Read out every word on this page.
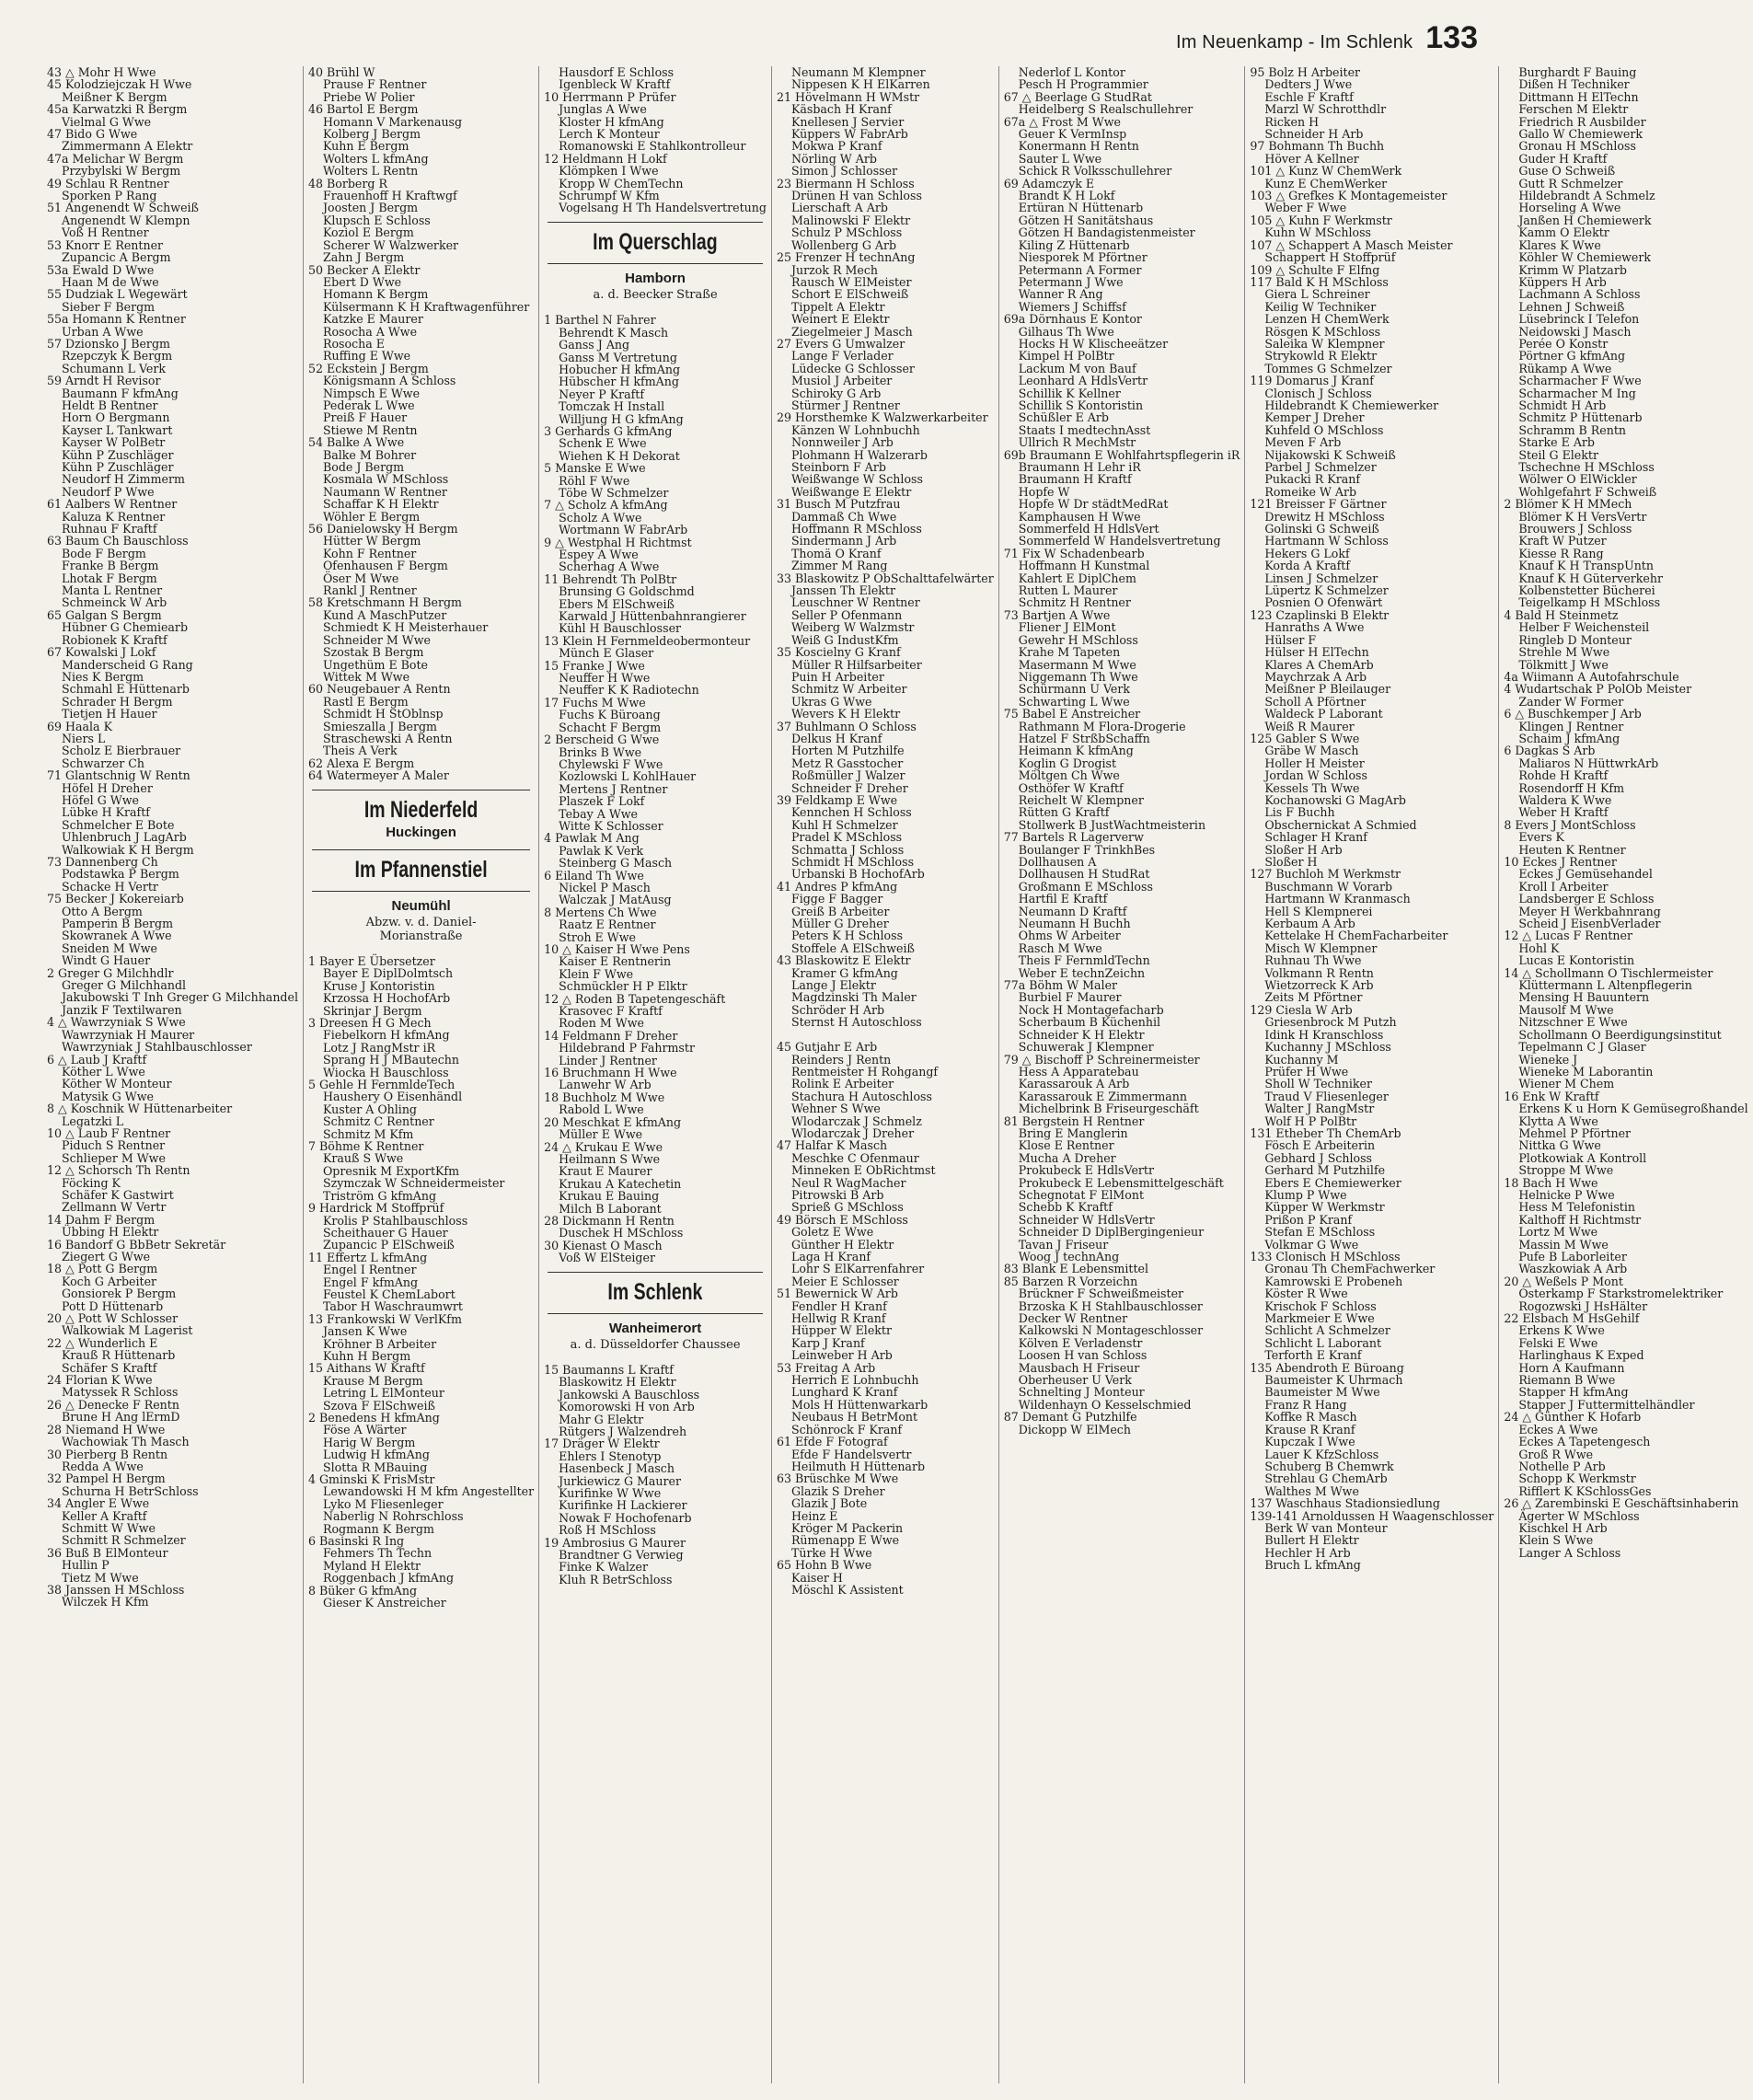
Im Neuenkamp - Im Schlenk 133
43 △ Mohr H Wwe
45 Kolodziejczak H Wwe
Meißner K Bergm
45a Karwatzki R Bergm
Vielmal G Wwe
47 Bido G Wwe
Zimmermann A Elektr
47a Melichar W Bergm
Przybylski W Bergm
49 Schlau R Rentner
Sporken P Rang
51 Angenendt W Schweiß
Angenendt W Klempn
Voß H Rentner
53 Knorr E Rentner
Zupancic A Bergm
53a Ewald D Wwe
Haan M de Wwe
55 Dudziak L Wegewärt
Sieber F Bergm
55a Homann K Rentner
Urban A Wwe
57 Dzionsko J Bergm
Rzepczyk K Bergm
Schumann L Verk
59 Arndt H Revisor
Baumann F kfmAng
Heldt B Rentner
Horn O Bergmann
Kayser L Tankwart
Kayser W PolBetr
Kühn P Zuschläger
Kühn P Zuschläger
Neudorf H Zimmerm
Neudorf P Wwe
61 Aalbers W Rentner
Kaluza K Rentner
Ruhnau F Kraftf
63 Baum Ch Bauschloss
Bode F Bergm
Franke B Bergm
Lhotak F Bergm
Manta L Rentner
Schmeinck W Arb
65 Galgan S Bergm
Hübner G Chemiearb
Robionek K Kraftf
67 Kowalski J Lokf
Manderscheid G Rang
Nies K Bergm
Schmahl E Hüttenarb
Schrader H Bergm
Tietjen H Hauer
69 Haala K
Niers L
Scholz E Bierbrauer
Schwarzer Ch
71 Glantschnig W Rentn
Höfel H Dreher
Höfel G Wwe
Lübke H Kraftf
Schmelcher E Bote
Uhlenbruch J LagArb
Walkowiak K H Bergm
73 Dannenberg Ch
Podstawka P Bergm
Schacke H Vertr
75 Becker J Kokereiarb
Otto A Bergm
Pamperin B Bergm
Skowranek A Wwe
Sneiden M Wwe
Windt G Hauer
2 Greger G Milchhdlr
Greger G Milchhandl
Jakubowski T Inh Greger G Milchhandel
Janzik F Textilwaren
4 △ Wawrzyniak S Wwe
Wawrzyniak H Maurer
Wawrzyniak J Stahlbauschlosser
6 △ Laub J Kraftf
Köther L Wwe
Köther W Monteur
Matysik G Wwe
8 △ Koschnik W Hüttenarbeiter
Legatzki L
10 △ Laub F Rentner
Piduch S Rentner
Schlieper M Wwe
12 △ Schorsch Th Rentn
Föcking K
Schäfer K Gastwirt
Zellmann W Vertr
14 Dahm F Bergm
Übbing H Elektr
16 Bandorf G BbBetr Sekretär
Ziegert G Wwe
18 △ Pott G Bergm
Koch G Arbeiter
Gonsiorek P Bergm
Pott D Hüttenarb
20 △ Pott W Schlosser
Walkowiak M Lagerist
22 △ Wunderlich E
Krauß R Hüttenarb
Schäfer S Kraftf
24 Florian K Wwe
Matyssek R Schloss
26 △ Denecke F Rentn
Brune H Ang lErmD
28 Niemand H Wwe
Wachowiak Th Masch
30 Pierberg B Rentn
Redda A Wwe
32 Pampel H Bergm
Schurna H BetrSchloss
34 Angler E Wwe
Keller A Kraftf
Schmitt W Wwe
Schmitt R Schmelzer
36 Buß B ElMonteur
Hullin P
Tietz M Wwe
38 Janssen H MSchloss
Wilczek H Kfm
40 Brühl W
Prause F Rentner
Priebe W Polier
46 Bartol E Bergm
Homann V Markenausg
Kolberg J Bergm
Kuhn E Bergm
Wolters L kfmAng
Wolters L Rentn
48 Borberg R
Frauenhoff H Kraftwgf
Joosten J Bergm
Klupsch E Schloss
Koziol E Bergm
Scherer W Walzwerker
Zahn J Bergm
50 Becker A Elektr
Ebert D Wwe
Homann K Bergm
Külsermann K H Kraftwagenführer
Katzke E Maurer
Rosocha A Wwe
Rosocha E
Ruffing E Wwe
52 Eckstein J Bergm
Königsmann A Schloss
Nimpsch E Wwe
Pederak L Wwe
Preiß F Hauer
Stiewe M Rentn
54 Balke A Wwe
Balke M Bohrer
Bode J Bergm
Kosmala W MSchloss
Naumann W Rentner
Schaffar K H Elektr
Wöhler E Bergm
56 Danielowsky H Bergm
Hütter W Bergm
Kohn F Rentner
Ofenhausen F Bergm
Öser M Wwe
Rankl J Rentner
58 Kretschmann H Bergm
Kund A MaschPutzer
Schmiedt K H Meisterhauer
Schneider M Wwe
Szostak B Bergm
Ungethüm E Bote
Wittek M Wwe
60 Neugebauer A Rentn
Rastl E Bergm
Schmidt H StOblnsp
Smieszalla J Bergm
Straschewski A Rentn
Theis A Verk
62 Alexa E Bergm
64 Watermeyer A Maler
Im Niederfeld
Huckingen
Im Pfannenstiel
Neumühl
Abzw. v. d. Daniel-
Morianstraße

1 Bayer E Übersetzer
Bayer E DiplDolmtsch
Kruse J Kontoristin
Krzossa H HochofArb
Skrinjar J Bergm
3 Dreesen H G Mech
Fiebelkorn H kfmAng
Lotz J RangMstr iR
Sprang H J MBautechn
Wiocka H Bauschloss
5 Gehle H FernmldeTech
Haushery O Eisenhändl
Kuster A Ohling
Schmitz C Rentner
Schmitz M Kfm
7 Böhme K Rentner
Krauß S Wwe
Opresnik M ExportKfm
Szymczak W Schneidermeister
Triström G kfmAng
9 Hardrick M Stoffprüf
Krolis P Stahlbauschloss
Scheithauer G Hauer
Zupancic P ElSchweiß
11 Effertz L kfmAng
Engel I Rentner
Engel F kfmAng
Feustel K ChemLabort
Tabor H Waschraumwrt
13 Frankowski W VerlKfm
Jansen K Wwe
Kröhner B Arbeiter
Kuhn H Bergm
15 Aithans W Kraftf
Krause M Bergm
Letring L ElMonteur
Szova F ElSchweiß
2 Benedens H kfmAng
Föse A Wärter
Harig W Bergm
Ludwig H kfmAng
Slotta R MBauing
4 Gminski K FrisMstr
Lewandowski H M kfm Angestellter
Lyko M Fliesenleger
Naberlig N Rohrschloss
Rogmann K Bergm
6 Basinski R Ing
Fehmers Th Techn
Myland H Elektr
Roggenbach J kfmAng
8 Büker G kfmAng
Gieser K Anstreicher
Hausdorf E Schloss
Igenbleck W Kraftf
10 Herrmann P Prüfer
Junglas A Wwe
Kloster H kfmAng
Lerch K Monteur
Romanowski E Stahlkontrolleur
12 Heldmann H Lokf
Klömpken I Wwe
Kropp W ChemTechn
Schrumpf W Kfm
Vogelsang H Th Handelsvertretung
Im Querschlag
Hamborn
a. d. Beecker Straße

1 Barthel N Fahrer
Behrendt K Masch
Ganss J Ang
Ganss M Vertretung
Hobucher H kfmAng
Hübscher H kfmAng
Neyer P Kraftf
Tomczak H Install
Willjung H G kfmAng
3 Gerhards G kfmAng
Schenk E Wwe
Wiehen K H Dekorat
5 Manske E Wwe
Röhl F Wwe
Töbe W Schmelzer
7 △ Scholz A kfmAng
Scholz A Wwe
Wortmann W FabrArb
9 △ Westphal H Richtmst
Espey A Wwe
Scherhag A Wwe
11 Behrendt Th PolBtr
Brunsing G Goldschmd
Ebers M ElSchweiß
Karwald J Hüttenbahnrangierer
Kühl H Bauschlosser
13 Klein H Fernmeldeobermonteur
Münch E Glaser
15 Franke J Wwe
Neuffer H Wwe
Neuffer K K Radiotechn
17 Fuchs M Wwe
Fuchs K Büroang
Schacht F Bergm
2 Berscheid G Wwe
Brinks B Wwe
Chylewski F Wwe
Kozlowski L KohlHauer
Mertens J Rentner
Plaszek F Lokf
Tebay A Wwe
Witte K Schlosser
4 Pawlak M Ang
Pawlak K Verk
Steinberg G Masch
6 Eiland Th Wwe
Nickel P Masch
Walczak J MatAusg
8 Mertens Ch Wwe
Raatz E Rentner
Stroh E Wwe
10 △ Kaiser H Wwe Pens
Kaiser E Rentnerin
Klein F Wwe
Schmückler H P Elktr
12 △ Roden B Tapetengeschäft
Krasovec F Kraftf
Roden M Wwe
14 Feldmann F Dreher
Hildebrand P Fahrmstr
Linder J Rentner
16 Bruchmann H Wwe
Lanwehr W Arb
18 Buchholz M Wwe
Rabold L Wwe
20 Meschkat E kfmAng
Müller E Wwe
24 △ Krukau E Wwe
Heilmann S Wwe
Kraut E Maurer
Krukau A Katechetin
Krukau E Bauing
Milch B Laborant
28 Dickmann H Rentn
Duschek H MSchloss
30 Kienast O Masch
Voß W ElSteiger
Im Schlenk
Wanheimerort
a. d. Düsseldorfer Chaussee

15 Baumanns L Kraftf
Blaskowitz H Elektr
Jankowski A Bauschloss
Komorowski H von Arb
Mahr G Elektr
Rütgers J Walzendreh
17 Dräger W Elektr
Ehlers I Stenotyp
Hasenbeck J Masch
Jurkiewicz G Maurer
Kurifinke W Wwe
Kurifinke H Lackierer
Nowak F Hochofenarb
Roß H MSchloss
19 Ambrosius G Maurer
Brandtner G Verwieg
Finke K Walzer
Kluh R BetrSchloss
Neumann M Klempner
Nippesen K H ElKarren
21 Hövelmann H WMstr
Käsbach H Kranf
Knellesen J Servier
Küppers W FabrArb
Mokwa P Kranf
Nörling W Arb
Simon J Schlosser
23 Biermann H Schloss
Drünen H van Schloss
Lierschaft A Arb
Malinowski F Elektr
Schulz P MSchloss
Wollenberg G Arb
25 Frenzer H technAng
Jurzok R Mech
Rausch W ElMeister
Schort E ElSchweiß
Tippelt A Elektr
Weinert E Elektr
Ziegelmeier J Masch
27 Evers G Umwalzer
Lange F Verlader
Lüdecke G Schlosser
Musiol J Arbeiter
Schiroky G Arb
Stürmer J Rentner
29 Horsthemke K Walzwerkarbeiter
Känzen W Lohnbuchh
Nonnweiler J Arb
Plohmann H Walzerarb
Steinborn F Arb
Weißwange W Schloss
Weißwange E Elektr
31 Busch M Putzfrau
Dammaß Ch Wwe
Hoffmann R MSchloss
Sindermann J Arb
Thomä O Kranf
Zimmer M Rang
33 Blaskowitz P ObSchalttafelwärter
Janssen Th Elektr
Leuschner W Rentner
Seller P Ofenmann
Weiberg W Walzmstr
Weiß G IndustKfm
35 Koscielny G Kranf
Müller R Hilfsarbeiter
Puin H Arbeiter
Schmitz W Arbeiter
Ukras G Wwe
Wevers K H Elektr
37 Buhlmann O Schloss
Delkus H Kranf
Horten M Putzhilfe
Metz R Gasstocher
Roßmüller J Walzer
Schneider F Dreher
39 Feldkamp E Wwe
Kennchen H Schloss
Kuhl H Schmelzer
Pradel K MSchloss
Schmatta J Schloss
Schmidt H MSchloss
Urbanski B HochofArb
41 Andres P kfmAng
Figge F Bagger
Greiß B Arbeiter
Müller G Dreher
Peters K H Schloss
Stoffele A ElSchweiß
43 Blaskowitz E Elektr
Kramer G kfmAng
Lange J Elektr
Magdzinski Th Maler
Schröder H Arb
Sternst H Autoschloss

45 Gutjahr E Arb
Reinders J Rentn
Rentmeister H Rohgangf
Rolink E Arbeiter
Stachura H Autoschloss
Wehner S Wwe
Wlodarczak J Schmelz
Wlodarczak J Dreher
47 Halfar K Masch
Meschke C Ofenmaur
Minneken E ObRichtmst
Neul R WagMacher
Pitrowski B Arb
Sprieß G MSchloss
49 Börsch E MSchloss
Goletz E Wwe
Günther H Elektr
Laga H Kranf
Lohr S ElKarrenfahrer
Meier E Schlosser
51 Bewernick W Arb
Fendler H Kranf
Hellwig R Kranf
Hüpper W Elektr
Karp J Kranf
Leinweber H Arb
53 Freitag A Arb
Herrich E Lohnbuchh
Lunghard K Kranf
Mols H Hüttenwarkarb
Neubaus H BetrMont
Schönrock F Kranf
61 Efde F Fotograf
Efde F Handelsvertr
Heilmuth H Hüttenarb
63 Brüschke M Wwe
Glazik S Dreher
Glazik J Bote
Heinz E
Kröger M Packerin
Rümenapp E Wwe
Türke H Wwe
65 Hohn B Wwe
Kaiser H
Möschl K Assistent
Nederlof L Kontor
Pesch H Programmier
67 △ Beerlage G StudRat
Heidelberg S Realschullehrer
67a △ Frost M Wwe
Geuer K VermInsp
Konermann H Rentn
Sauter L Wwe
Schick R Volksschullehrer
69 Adamczyk E
Brandt K H Lokf
Ertüran N Hüttenarb
Götzen H Sanitätshaus
Götzen H Bandagistenmeister
Kiling Z Hüttenarb
Niesporek M Pförtner
Petermann A Former
Petermann J Wwe
Wanner R Ang
Wiemers J Schiffsf
69a Dörnhaus E Kontor
Gilhaus Th Wwe
Hocks H W Klischeeätzer
Kimpel H PolBtr
Lackum M von Bauf
Leonhard A HdlsVertr
Schillik K Kellner
Schillik S Kontoristin
Schüßler E Arb
Staats I medtechnAsst
Ullrich R MechMstr
69b Braumann E Wohlfahrtspflegerin iR
Braumann H Lehr iR
Braumann H Kraftf
Hopfe W
Hopfe W Dr städtMedRat
Kamphausen H Wwe
Sommerfeld H HdlsVert
Sommerfeld W Handelsvertretung
71 Fix W Schadenbearb
Hoffmann H Kunstmal
Kahlert E DiplChem
Rutten L Maurer
Schmitz H Rentner
73 Bartjen A Wwe
Fliener J ElMont
Gewehr H MSchloss
Krahe M Tapeten
Masermann M Wwe
Niggemann Th Wwe
Schürmann U Verk
Schwarting L Wwe
75 Babel E Anstreicher
Rathmann M Flora-Drogerie
Hatzel F StrßbSchaffn
Heimann K kfmAng
Koglin G Drogist
Möltgen Ch Wwe
Osthöfer W Kraftf
Reichelt W Klempner
Rütten G Kraftf
Stollwerk B JustWachtmeisterin
77 Bartels R Lagerverw
Boulanger F TrinkhBes
Dollhausen A
Dollhausen H StudRat
Großmann E MSchloss
Hartfil E Kraftf
Neumann D Kraftf
Neumann H Buchh
Ohms W Arbeiter
Rasch M Wwe
Theis F FernmldTechn
Weber E technZeichn
77a Böhm W Maler
Burbiel F Maurer
Nock H Montagefacharb
Scherbaum B Küchenhil
Schneider K H Elektr
Schuwerak J Klempner
79 △ Bischoff P Schreinermeister
Hess A Apparatebau
Karassarouk A Arb
Karassarouk E Zimmermann
Michelbrink B Friseurgeschäft
81 Bergstein H Rentner
Bring E Manglerin
Klose E Rentner
Mucha A Dreher
Prokubeck E HdlsVertr
Prokubeck E Lebensmittelgeschäft
Schegnotat F ElMont
Schebb K Kraftf
Schneider W HdlsVertr
Schneider D DiplBergingenieur
Tavan J Friseur
Woog J technAng
83 Blank E Lebensmittel
85 Barzen R Vorzeichn
Brückner F Schweißmeister
Brzoska K H Stahlbauschlosser
Decker W Rentner
Kalkowski N Montageschlosser
Kölven E Verladenstr
Loosen H van Schloss
Mausbach H Friseur
Oberheuser U Verk
Schnelting J Monteur
Wildenhayn O Kesselschmied
87 Demant G Putzhilfe
Dickopp W ElMech
95 Bolz H Arbeiter
Dedters J Wwe
Eschle F Kraftf
Marzl W Schrotthdlr
Ricken H
Schneider H Arb
97 Bohmann Th Buchh
Höver A Kellner
101 △ Kunz W ChemWerk
Kunz E ChemWerker
103 △ Grefkes K Montagemeister
Weber F Wwe
105 △ Kuhn F Werkmstr
Kuhn W MSchloss
107 △ Schappert A Masch Meister
Schappert H Stoffprüf
109 △ Schulte F Elfng
117 Bald K H MSchloss
Giera L Schreiner
Keilig W Techniker
Lenzen H ChemWerk
Rösgen K MSchloss
Saleika W Klempner
Strykowld R Elektr
Tommes G Schmelzer
119 Domarus J Kranf
Clonisch J Schloss
Hildebrandt K Chemiewerker
Kemper J Dreher
Kuhfeld O MSchloss
Meven F Arb
Nijakowski K Schweiß
Parbel J Schmelzer
Pukacki R Kranf
Romeike W Arb
121 Breisser F Gärtner
Drewitz H MSchloss
Golinski G Schweiß
Hartmann W Schloss
Hekers G Lokf
Korda A Kraftf
Linsen J Schmelzer
Lüpertz K Schmelzer
Posnien O Ofenwärt
123 Czaplinski B Elektr
Hanraths A Wwe
Hülser F
Hülser H ElTechn
Klares A ChemArb
Maychrzak A Arb
Meißner P Bleilauger
Scholl A Pförtner
Waldeck P Laborant
Weiß R Maurer
125 Gabler S Wwe
Gräbe W Masch
Holler H Meister
Jordan W Schloss
Kessels Th Wwe
Kochanowski G MagArb
Lis F Buchh
Obschernickat A Schmied
Schlager H Kranf
Sloßer H Arb
Sloßer H
127 Buchloh M Werkmstr
Buschmann W Vorarb
Hartmann W Kranmasch
Hell S Klempnerei
Kerbaum A Arb
Kettelake H ChemFacharbeiter
Misch W Klempner
Ruhnau Th Wwe
Volkmann R Rentn
Wietzorreck K Arb
Zeits M Pförtner
129 Ciesla W Arb
Griesenbrock M Putzh
Idink H Kranschloss
Kuchanny J MSchloss
Kuchanny M
Prüfer H Wwe
Sholl W Techniker
Traud V Fliesenleger
Walter J RangMstr
Wolf H P PolBtr
131 Etheber Th ChemArb
Fösch E Arbeiterin
Gebhard J Schloss
Gerhard M Putzhilfe
Ebers E Chemiewerker
Klump P Wwe
Küpper W Werkmstr
Prißon P Kranf
Stefan E MSchloss
Volkmar G Wwe
133 Clonisch H MSchloss
Gronau Th ChemFachwerker
Kamrowski E Probeneh
Köster R Wwe
Krischok F Schloss
Markmeier E Wwe
Schlicht A Schmelzer
Schlicht L Laborant
Terforth E Kranf
135 Abendroth E Büroang
Baumeister K Uhrmach
Baumeister M Wwe
Franz R Hang
Koffke R Masch
Krause R Kranf
Kupczak I Wwe
Lauer K KfzSchloss
Schuberg B Chemwrk
Strehlau G ChemArb
Walthes M Wwe
137 Waschhaus Stadionsiedlung
139-141 Arnoldussen H Waagenschlosser
Berk W van Monteur
Bullert H Elektr
Hechler H Arb
Bruch L kfmAng
Burghardt F Bauing
Dißen H Techniker
Dittmann H ElTechn
Ferschen M Elektr
Friedrich R Ausbilder
Gallo W Chemiewerk
Gronau H MSchloss
Guder H Kraftf
Guse O Schweiß
Gutt R Schmelzer
Hildebrandt A Schmelz
Horseling A Wwe
Janßen H Chemiewerk
Kamm O Elektr
Klares K Wwe
Köhler W Chemiewerk
Krimm W Platzarb
Küppers H Arb
Lachmann A Schloss
Lehnen J Schweiß
Lüsebrinck I Telefon
Neidowski J Masch
Perée O Konstr
Pörtner G kfmAng
Rükamp A Wwe
Scharmacher F Wwe
Scharmacher M Ing
Schmidt H Arb
Schmitz P Hüttenarb
Schramm B Rentn
Starke E Arb
Steil G Elektr
Tschechne H MSchloss
Wölwer O ElWickler
Wohlgefahrt F Schweiß
2 Blömer K H MMech
Blömer K H VersVertr
Brouwers J Schloss
Kraft W Putzer
Kiesse R Rang
Knauf K H TranspUntn
Knauf K H Güterverkehr
Kolbenstetter Bücherei
Teigelkamp H MSchloss
4 Bald H Steinmetz
Helber F Weichensteil
Ringleb D Monteur
Strehle M Wwe
Tölkmitt J Wwe
4a Wiimann A Autofahrschule
4 Wudartschak P PolOb Meister
Zander W Former
6 △ Buschkemper J Arb
Klingen J Rentner
Schaim J kfmAng
6 Dagkas S Arb
Maliaros N HüttwrkArb
Rohde H Kraftf
Rosendorff H Kfm
Waldera K Wwe
Weber H Kraftf
8 Evers J MontSchloss
Evers K
Heuten K Rentner
10 Eckes J Rentner
Eckes J Gemüsehandel
Kroll I Arbeiter
Landsberger E Schloss
Meyer H Werkbahnrang
Scheid J EisenbVerlader
12 △ Lucas F Rentner
Hohl K
Lucas E Kontoristin
14 △ Schollmann O Tischlermeister
Klüttermann L Altenpflegerin
Mensing H Bauuntern
Mausolf M Wwe
Nitzschner E Wwe
Schollmann O Beerdigungsinstitut
Tepelmann C J Glaser
Wieneke J
Wieneke M Laborantin
Wiener M Chem
16 Enk W Kraftf
Erkens K u Horn K Gemüsegroßhandel
Klytta A Wwe
Mehmel P Pförtner
Nittka G Wwe
Plotkowiak A Kontroll
Stroppe M Wwe
18 Bach H Wwe
Helnicke P Wwe
Hess M Telefonistin
Kalthoff H Richtmstr
Lortz M Wwe
Massin M Wwe
Pufe B Laborleiter
Waszkowiak A Arb
20 △ Weßels P Mont
Osterkamp F Starkstromelektriker
Rogozwski J HsHälter
22 Elsbach M HsGehilf
Erkens K Wwe
Felski E Wwe
Harlinghaus K Exped
Horn A Kaufmann
Riemann B Wwe
Stapper H kfmAng
Stapper J Futtermittelhändler
24 △ Günther K Hofarb
Eckes A Wwe
Eckes A Tapetengesch
Groß R Wwe
Nothelle P Arb
Schopp K Werkmstr
Rifflert K KSchlossGes
26 △ Zarembinski E Geschäftsinhaberin
Ägerter W MSchloss
Kischkel H Arb
Klein S Wwe
Langer A Schloss
